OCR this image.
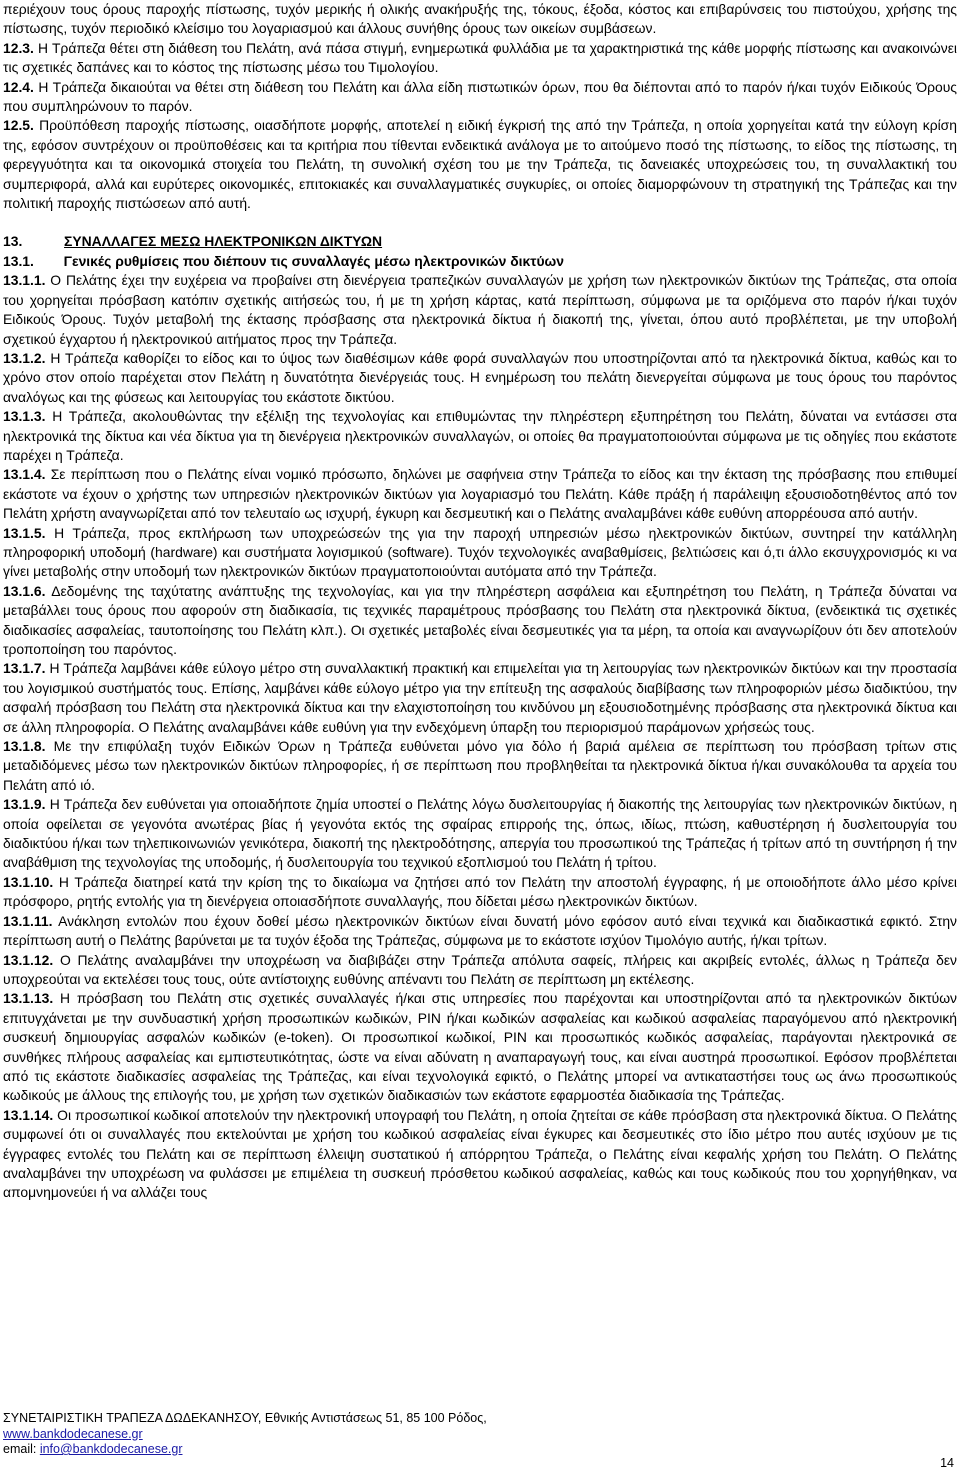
περιέχουν τους όρους παροχής πίστωσης, τυχόν μερικής ή ολικής ανακήρυξής της, τόκους, έξοδα, κόστος και επιβαρύνσεις του πιστούχου, χρήσης της πίστωσης, τυχόν περιοδικό κλείσιμο του λογαριασμού και άλλους συνήθης όρους των οικείων συμβάσεων.

12.3. Η Τράπεζα θέτει στη διάθεση του Πελάτη, ανά πάσα στιγμή, ενημερωτικά φυλλάδια με τα χαρακτηριστικά της κάθε μορφής πίστωσης και ανακοινώνει τις σχετικές δαπάνες και το κόστος της πίστωσης μέσω του Τιμολογίου.

12.4. Η Τράπεζα δικαιούται να θέτει στη διάθεση του Πελάτη και άλλα είδη πιστωτικών όρων, που θα διέπονται από το παρόν ή/και τυχόν Ειδικούς Όρους που συμπληρώνουν το παρόν.

12.5. Προϋπόθεση παροχής πίστωσης, οιασδήποτε μορφής, αποτελεί η ειδική έγκρισή της από την Τράπεζα, η οποία χορηγείται κατά την εύλογη κρίση της, εφόσον συντρέχουν οι προϋποθέσεις και τα κριτήρια που τίθενται ενδεικτικά ανάλογα με το αιτούμενο ποσό της πίστωσης, το είδος της πίστωσης, τη φερεγγυότητα και τα οικονομικά στοιχεία του Πελάτη, τη συνολική σχέση του με την Τράπεζα, τις δανειακές υποχρεώσεις του, τη συναλλακτική του συμπεριφορά, αλλά και ευρύτερες οικονομικές, επιτοκιακές και συναλλαγματικές συγκυρίες, οι οποίες διαμορφώνουν τη στρατηγική της Τράπεζας και την πολιτική παροχής πιστώσεων από αυτή.

13.	ΣΥΝΑΛΛΑΓΕΣ ΜΕΣΩ ΗΛΕΚΤΡΟΝΙΚΩΝ ΔΙΚΤΥΩΝ

13.1. Γενικές ρυθμίσεις που διέπουν τις συναλλαγές μέσω ηλεκτρονικών δικτύων

13.1.1. Ο Πελάτης έχει την ευχέρεια να προβαίνει στη διενέργεια τραπεζικών συναλλαγών με χρήση των ηλεκτρονικών δικτύων της Τράπεζας, στα οποία του χορηγείται πρόσβαση κατόπιν σχετικής αιτήσεώς του, ή με τη χρήση κάρτας, κατά περίπτωση, σύμφωνα με τα οριζόμενα στο παρόν ή/και τυχόν Ειδικούς Όρους. Τυχόν μεταβολή της έκτασης πρόσβασης στα ηλεκτρονικά δίκτυα ή διακοπή της, γίνεται, όπου αυτό προβλέπεται, με την υποβολή σχετικού έγχαρτου ή ηλεκτρονικού αιτήματος προς την Τράπεζα.

13.1.2. Η Τράπεζα καθορίζει το είδος και το ύψος των διαθέσιμων κάθε φορά συναλλαγών που υποστηρίζονται από τα ηλεκτρονικά δίκτυα, καθώς και το χρόνο στον οποίο παρέχεται στον Πελάτη η δυνατότητα διενέργειάς τους. Η ενημέρωση του πελάτη διενεργείται σύμφωνα με τους όρους του παρόντος αναλόγως και της φύσεως και λειτουργίας του εκάστοτε δικτύου.

13.1.3. Η Τράπεζα, ακολουθώντας την εξέλιξη της τεχνολογίας και επιθυμώντας την πληρέστερη εξυπηρέτηση του Πελάτη, δύναται να εντάσσει στα ηλεκτρονικά της δίκτυα και νέα δίκτυα για τη διενέργεια ηλεκτρονικών συναλλαγών, οι οποίες θα πραγματοποιούνται σύμφωνα με τις οδηγίες που εκάστοτε παρέχει η Τράπεζα.

13.1.4. Σε περίπτωση που ο Πελάτης είναι νομικό πρόσωπο, δηλώνει με σαφήνεια στην Τράπεζα το είδος και την έκταση της πρόσβασης που επιθυμεί εκάστοτε να έχουν ο χρήστης των υπηρεσιών ηλεκτρονικών δικτύων για λογαριασμό του Πελάτη. Κάθε πράξη ή παράλειψη εξουσιοδοτηθέντος από τον Πελάτη χρήστη αναγνωρίζεται από τον τελευταίο ως ισχυρή, έγκυρη και δεσμευτική και ο Πελάτης αναλαμβάνει κάθε ευθύνη απορρέουσα από αυτήν.

13.1.5. Η Τράπεζα, προς εκπλήρωση των υποχρεώσεών της για την παροχή υπηρεσιών μέσω ηλεκτρονικών δικτύων, συντηρεί την κατάλληλη πληροφορική υποδομή (hardware) και συστήματα λογισμικού (software). Τυχόν τεχνολογικές αναβαθμίσεις, βελτιώσεις και ό,τι άλλο εκσυγχρονισμός κι να γίνει μεταβολής στην υποδομή των ηλεκτρονικών δικτύων πραγματοποιούνται αυτόματα από την Τράπεζα.

13.1.6. Δεδομένης της ταχύτατης ανάπτυξης της τεχνολογίας, και για την πληρέστερη ασφάλεια και εξυπηρέτηση του Πελάτη, η Τράπεζα δύναται να μεταβάλλει τους όρους που αφορούν στη διαδικασία, τις τεχνικές παραμέτρους πρόσβασης του Πελάτη στα ηλεκτρονικά δίκτυα, (ενδεικτικά τις σχετικές διαδικασίες ασφαλείας, ταυτοποίησης του Πελάτη κλπ.). Οι σχετικές μεταβολές είναι δεσμευτικές για τα μέρη, τα οποία και αναγνωρίζουν ότι δεν αποτελούν τροποποίηση του παρόντος.

13.1.7. Η Τράπεζα λαμβάνει κάθε εύλογο μέτρο στη συναλλακτική πρακτική και επιμελείται για τη λειτουργίας των ηλεκτρονικών δικτύων και την προστασία του λογισμικού συστήματός τους. Επίσης, λαμβάνει κάθε εύλογο μέτρο για την επίτευξη της ασφαλούς διαβίβασης των πληροφοριών μέσω διαδικτύου, την ασφαλή πρόσβαση του Πελάτη στα ηλεκτρονικά δίκτυα και την ελαχιστοποίηση του κινδύνου μη εξουσιοδοτημένης πρόσβασης στα ηλεκτρονικά δίκτυα και σε άλλη πληροφορία. Ο Πελάτης αναλαμβάνει κάθε ευθύνη για την ενδεχόμενη ύπαρξη του περιορισμού παράμονων χρήσεώς τους.

13.1.8. Με την επιφύλαξη τυχόν Ειδικών Όρων η Τράπεζα ευθύνεται μόνο για δόλο ή βαριά αμέλεια σε περίπτωση του πρόσβαση τρίτων στις μεταδιδόμενες μέσω των ηλεκτρονικών δικτύων πληροφορίες, ή σε περίπτωση που προβληθείται τα ηλεκτρονικά δίκτυα ή/και συνακόλουθα τα αρχεία του Πελάτη από ιό.

13.1.9. Η Τράπεζα δεν ευθύνεται για οποιαδήποτε ζημία υποστεί ο Πελάτης λόγω δυσλειτουργίας ή διακοπής της λειτουργίας των ηλεκτρονικών δικτύων, η οποία οφείλεται σε γεγονότα ανωτέρας βίας ή γεγονότα εκτός της σφαίρας επιρροής της, όπως, ιδίως, πτώση, καθυστέρηση ή δυσλειτουργία του διαδικτύου ή/και των τηλεπικοινωνιών γενικότερα, διακοπή της ηλεκτροδότησης, απεργία του προσωπικού της Τράπεζας ή τρίτων από τη συντήρηση ή την αναβάθμιση της τεχνολογίας της υποδομής, ή δυσλειτουργία του τεχνικού εξοπλισμού του Πελάτη ή τρίτου.

13.1.10. Η Τράπεζα διατηρεί κατά την κρίση της το δικαίωμα να ζητήσει από τον Πελάτη την αποστολή έγγραφης, ή με οποιοδήποτε άλλο μέσο κρίνει πρόσφορο, ρητής εντολής για τη διενέργεια οποιασδήποτε συναλλαγής, που δίδεται μέσω ηλεκτρονικών δικτύων.

13.1.11. Ανάκληση εντολών που έχουν δοθεί μέσω ηλεκτρονικών δικτύων είναι δυνατή μόνο εφόσον αυτό είναι τεχνικά και διαδικαστικά εφικτό. Στην περίπτωση αυτή ο Πελάτης βαρύνεται με τα τυχόν έξοδα της Τράπεζας, σύμφωνα με το εκάστοτε ισχύον Τιμολόγιο αυτής, ή/και τρίτων.

13.1.12. Ο Πελάτης αναλαμβάνει την υποχρέωση να διαβιβάζει στην Τράπεζα απόλυτα σαφείς, πλήρεις και ακριβείς εντολές, άλλως η Τράπεζα δεν υποχρεούται να εκτελέσει τους τους, ούτε αντίστοιχης ευθύνης απέναντι του Πελάτη σε περίπτωση μη εκτέλεσης.

13.1.13. Η πρόσβαση του Πελάτη στις σχετικές συναλλαγές ή/και στις υπηρεσίες που παρέχονται και υποστηρίζονται από τα ηλεκτρονικών δικτύων επιτυγχάνεται με την συνδυαστική χρήση προσωπικών κωδικών, PIN ή/και κωδικών ασφαλείας και κωδικού ασφαλείας παραγόμενου από ηλεκτρονική συσκευή δημιουργίας ασφαλών κωδικών (e-token). Οι προσωπικοί κωδικοί, PIN και προσωπικός κωδικός ασφαλείας, παράγονται ηλεκτρονικά σε συνθήκες πλήρους ασφαλείας και εμπιστευτικότητας, ώστε να είναι αδύνατη η αναπαραγωγή τους, και είναι αυστηρά προσωπικοί. Εφόσον προβλέπεται από τις εκάστοτε διαδικασίες ασφαλείας της Τράπεζας, και είναι τεχνολογικά εφικτό, ο Πελάτης μπορεί να αντικαταστήσει τους ως άνω προσωπικούς κωδικούς με άλλους της επιλογής του, με χρήση των σχετικών διαδικασιών των εκάστοτε εφαρμοστέα διαδικασία της Τράπεζας.

13.1.14. Οι προσωπικοί κωδικοί αποτελούν την ηλεκτρονική υπογραφή του Πελάτη, η οποία ζητείται σε κάθε πρόσβαση στα ηλεκτρονικά δίκτυα. Ο Πελάτης συμφωνεί ότι οι συναλλαγές που εκτελούνται με χρήση του κωδικού ασφαλείας είναι έγκυρες και δεσμευτικές στο ίδιο μέτρο που αυτές ισχύουν με τις έγγραφες εντολές του Πελάτη και σε περίπτωση έλλειψη συστατικού ή απόρρητου Τράπεζα, ο Πελάτης είναι κεφαλής χρήση του Πελάτη. Ο Πελάτης αναλαμβάνει την υποχρέωση να φυλάσσει με επιμέλεια τη συσκευή πρόσθετου κωδικού ασφαλείας, καθώς και τους κωδικούς που του χορηγήθηκαν, να απομνημονεύει ή να αλλάζει τους

ΣΥΝΕΤΑΙΡΙΣΤΙΚΗ ΤΡΑΠΕΖΑ ΔΩΔΕΚΑΝΗΣΟΥ, Εθνικής Αντιστάσεως 51, 85 100 Ρόδος,
www.bankdodecanese.gr
email: info@bankdodecanese.gr
14
